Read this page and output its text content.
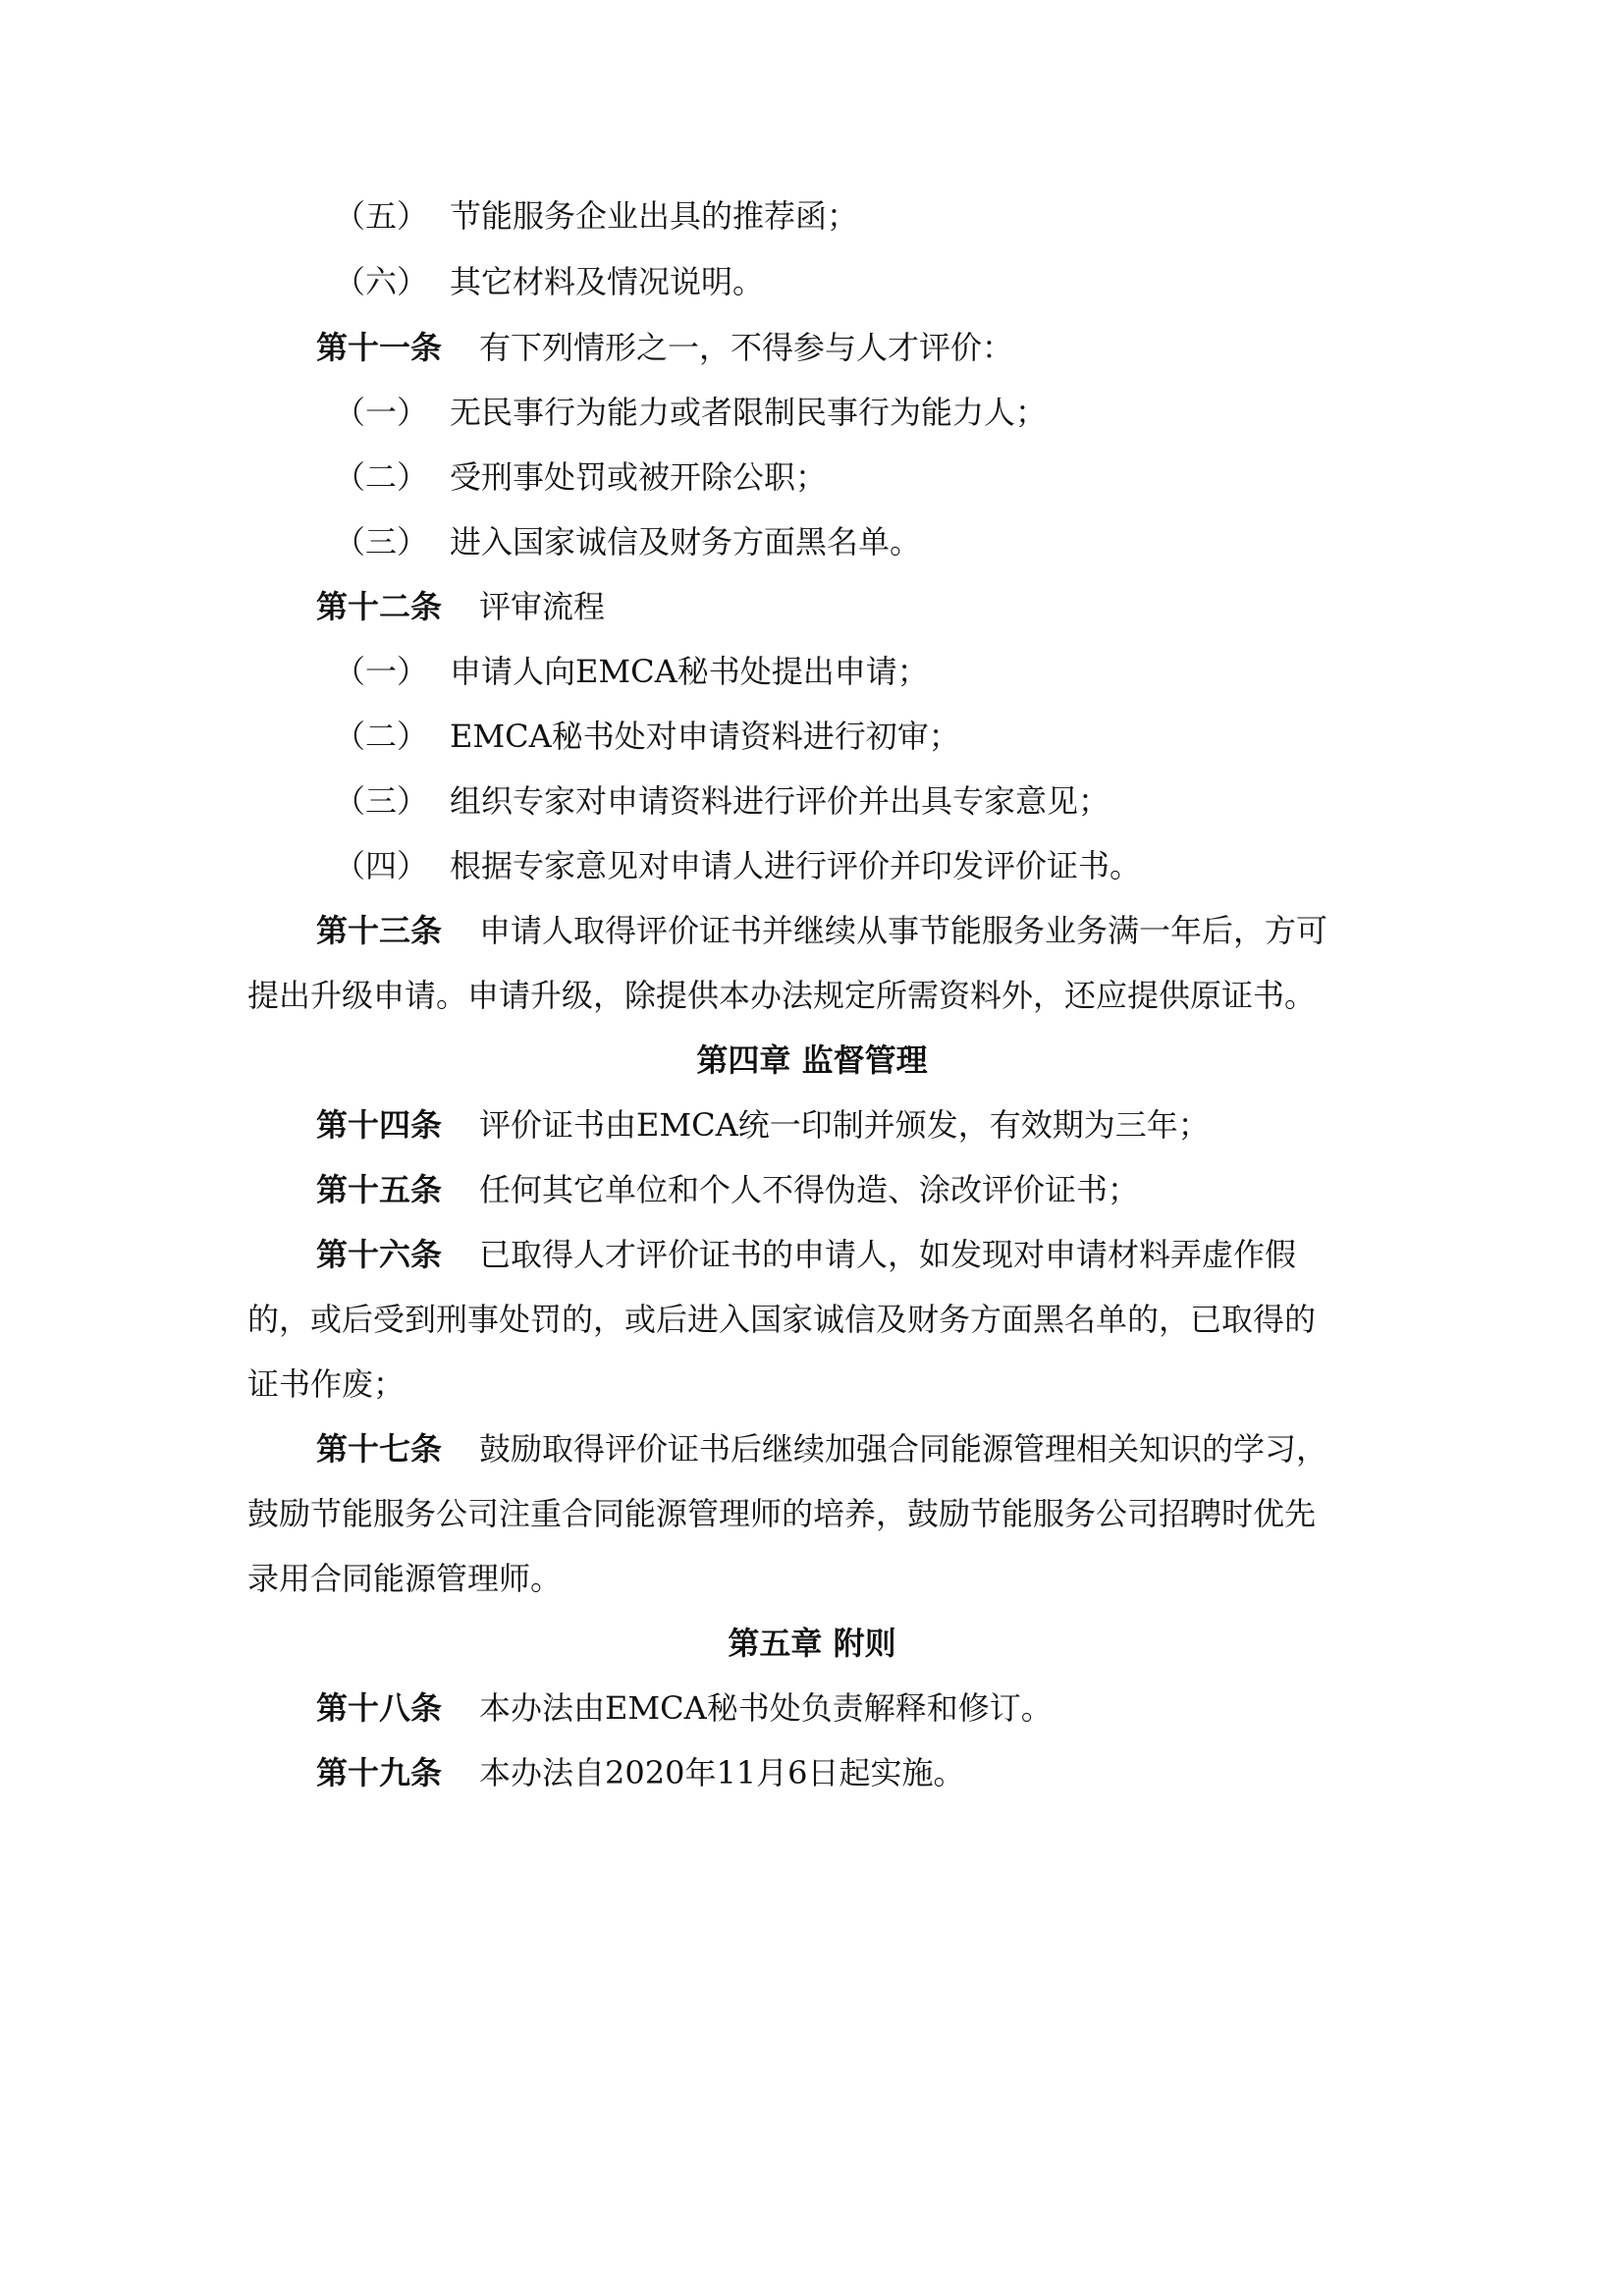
（五） 节能服务企业出具的推荐函；
（六） 其它材料及情况说明。
第十一条 有下列情形之一，不得参与人才评价：
（一） 无民事行为能力或者限制民事行为能力人；
（二） 受刑事处罚或被开除公职；
（三） 进入国家诚信及财务方面黑名单。
第十二条 评审流程
（一） 申请人向EMCA秘书处提出申请；
（二） EMCA秘书处对申请资料进行初审；
（三） 组织专家对申请资料进行评价并出具专家意见；
（四） 根据专家意见对申请人进行评价并印发评价证书。
第十三条 申请人取得评价证书并继续从事节能服务业务满一年后，方可
提出升级申请。申请升级，除提供本办法规定所需资料外，还应提供原证书。
第四章 监督管理
第十四条 评价证书由EMCA统一印制并颁发，有效期为三年；
第十五条 任何其它单位和个人不得伪造、涂改评价证书；
第十六条 已取得人才评价证书的申请人，如发现对申请材料弄虚作假
的，或后受到刑事处罚的，或后进入国家诚信及财务方面黑名单的，已取得的
证书作废；
第十七条 鼓励取得评价证书后继续加强合同能源管理相关知识的学习，
鼓励节能服务公司注重合同能源管理师的培养，鼓励节能服务公司招聘时优先
录用合同能源管理师。
第五章 附则
第十八条 本办法由EMCA秘书处负责解释和修订。
第十九条 本办法自2020年11月6日起实施。
